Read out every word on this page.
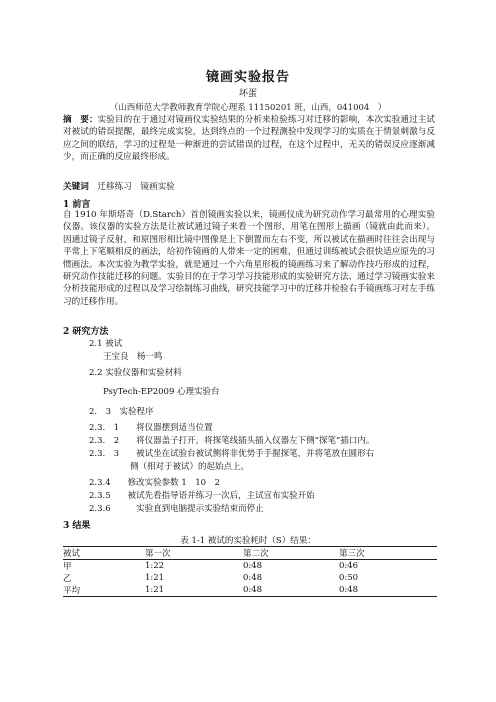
镜画实验报告
坏蛋
（山西师范大学教师教育学院心理系 11150201 班，山西，041004　）
摘　要：实验目的在于通过对镜画仪实验结果的分析来检验练习对迁移的影响，本次实验通过主试对被试的错误提醒，最终完成实验，达到终点的一个过程测验中发现学习的实质在于情景刺激与反应之间的联结，学习的过程是一种渐进的尝试错误的过程，在这个过程中，无关的错误反应逐渐减少，而正确的反应最终形成。
关键词　 迁移练习　镜画实验
1 前言
自 1910 年斯塔奇（D.Starch）首创镜画实验以来，镜画仪成为研究动作学习最常用的心理实验仪器。该仪器的实验方法是让被试通过镜子来看一个图形，用笔在图形上描画（镜就由此而来）。因通过镜子反射，和原图形相比镜中图像是上下倒置而左右不变，所以被试在描画时往往会出现与平常上下笔顺相反的画法，给初作镜画的人带来一定的困难，但通过训练被试会很快适应原先的习惯画法。本次实验为教学实验，就是通过一个六角星形板的镜画练习来了解动作技巧形成的过程，研究动作技能迁移的问题。实验目的在于学习学习技能形成的实验研究方法、通过学习镜画实验来分析技能形成的过程以及学习绘制练习曲线，研究技能学习中的迁移并检验右手镜画练习对左手练习的迁移作用。
2 研究方法
2.1 被试
王宝良　杨一鸣
2.2 实验仪器和实验材料
PsyTech-EP2009 心理实验台
2.　3　实验程序
2.3.　1　　将仪器摆到适当位置
2.3.　2　　将仪器盖子打开，将探笔线插头插入仪器左下侧“探笔”插口内。
2.3.　3　　被试坐在试验台被试侧将非优势手手握探笔，并将笔放在圆形右
侧（相对于被试）的起始点上。
2.3.4　　修改实验参数 1　10　2
2.3.5　　被试先看指导语并练习一次后，主试宣布实验开始
2.3.6　　　实验直到电脑提示实验结束而停止
3 结果
表 1-1 被试的实验耗时（S）结果：
被试	第一次	第二次	第三次
甲	1:22	0:48	0:46
乙	1:21	0:48	0:50
平均	1:21	0:48	0:48
